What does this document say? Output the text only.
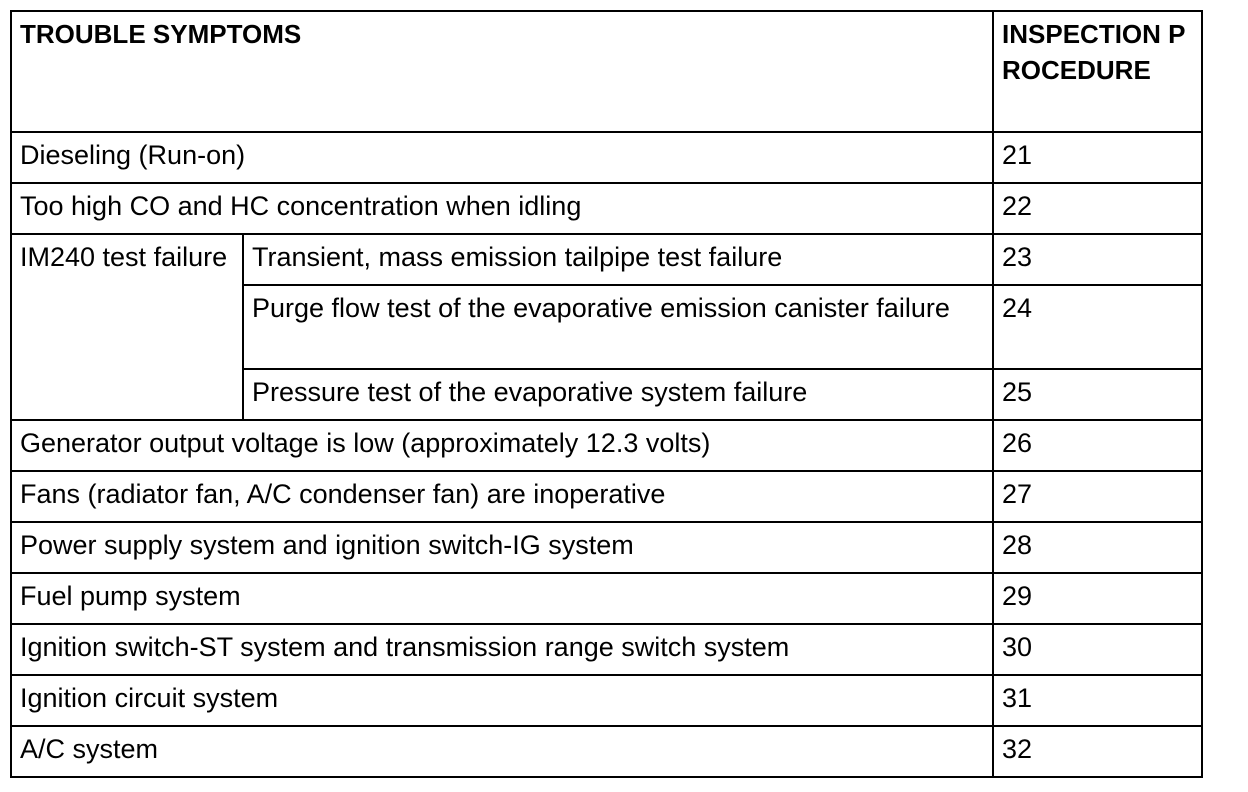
TROUBLE SYMPTOMS		INSPECTION PROCEDURE
Dieseling (Run-on)		21
Too high CO and HC concentration when idling		22
IM240 test failure	Transient, mass emission tailpipe test failure	23
	Purge flow test of the evaporative emission canister failure	24
	Pressure test of the evaporative system failure	25
Generator output voltage is low (approximately 12.3 volts)		26
Fans (radiator fan, A/C condenser fan) are inoperative		27
Power supply system and ignition switch-IG system		28
Fuel pump system		29
Ignition switch-ST system and transmission range switch system		30
Ignition circuit system		31
A/C system		32
